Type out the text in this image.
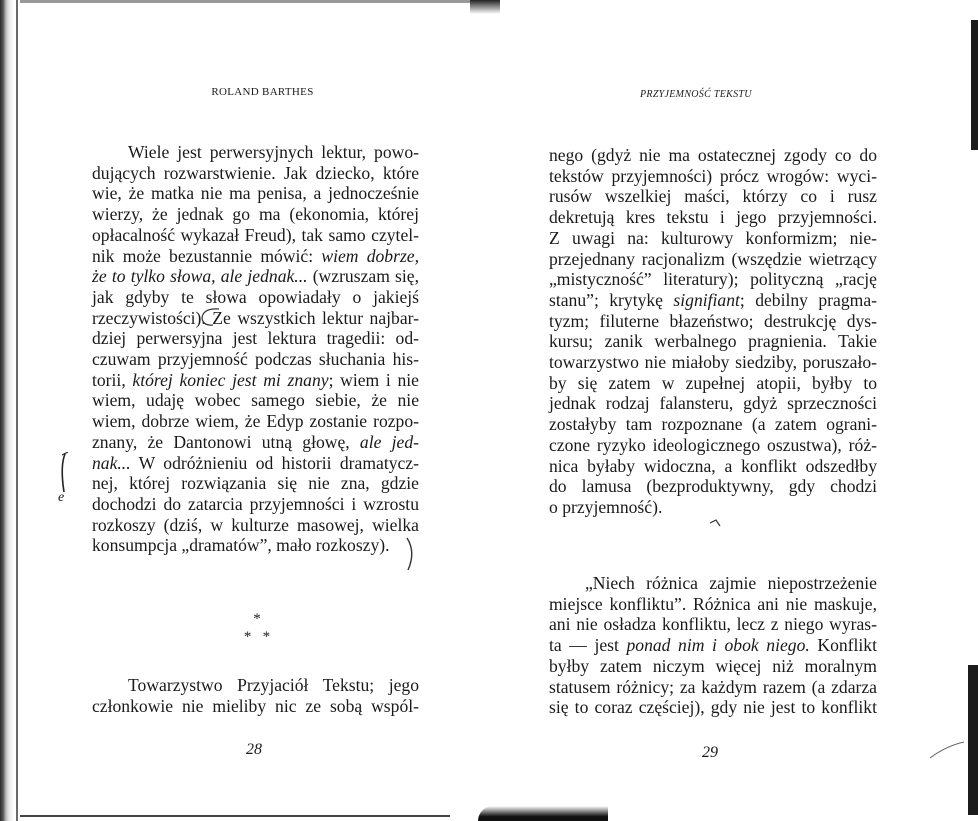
ROLAND BARTHES
Wiele jest perwersyjnych lektur, powo-
dujących rozwarstwienie. Jak dziecko, które
wie, że matka nie ma penisa, a jednocześnie
wierzy, że jednak go ma (ekonomia, której
opłacalność wykazał Freud), tak samo czytel-
nik może bezustannie mówić: wiem dobrze,
że to tylko słowa, ale jednak... (wzruszam się,
jak gdyby te słowa opowiadały o jakiejś
rzeczywistości). Ze wszystkich lektur najbar-
dziej perwersyjna jest lektura tragedii: od-
czuwam przyjemność podczas słuchania his-
torii, której koniec jest mi znany; wiem i nie
wiem, udaję wobec samego siebie, że nie
wiem, dobrze wiem, że Edyp zostanie rozpo-
znany, że Dantonowi utną głowę, ale jed-
nak... W odróżnieniu od historii dramatycz-
nej, której rozwiązania się nie zna, gdzie
dochodzi do zatarcia przyjemności i wzrostu
rozkoszy (dziś, w kulturze masowej, wielka
konsumpcja „dramatów”, mało rozkoszy).
e
*
*   *
Towarzystwo Przyjaciół Tekstu; jego
członkowie nie mieliby nic ze sobą wspól-
28
PRZYJEMNOŚĆ TEKSTU
nego (gdyż nie ma ostatecznej zgody co do
tekstów przyjemności) prócz wrogów: wyci-
rusów wszelkiej maści, którzy co i rusz
dekretują kres tekstu i jego przyjemności.
Z uwagi na: kulturowy konformizm; nie-
przejednany racjonalizm (wszędzie wietrzący
„mistyczność” literatury); polityczną „rację
stanu”; krytykę signifiant; debilny pragma-
tyzm; filuterne błazeństwo; destrukcję dys-
kursu; zanik werbalnego pragnienia. Takie
towarzystwo nie miałoby siedziby, poruszało-
by się zatem w zupełnej atopii, byłby to
jednak rodzaj falansteru, gdyż sprzeczności
zostałyby tam rozpoznane (a zatem ograni-
czone ryzyko ideologicznego oszustwa), róż-
nica byłaby widoczna, a konflikt odszedłby
do lamusa (bezproduktywny, gdy chodzi
o przyjemność).
„Niech różnica zajmie niepostrzeżenie
miejsce konfliktu”. Różnica ani nie maskuje,
ani nie osładza konfliktu, lecz z niego wyras-
ta — jest ponad nim i obok niego. Konflikt
byłby zatem niczym więcej niż moralnym
statusem różnicy; za każdym razem (a zdarza
się to coraz częściej), gdy nie jest to konflikt
29
